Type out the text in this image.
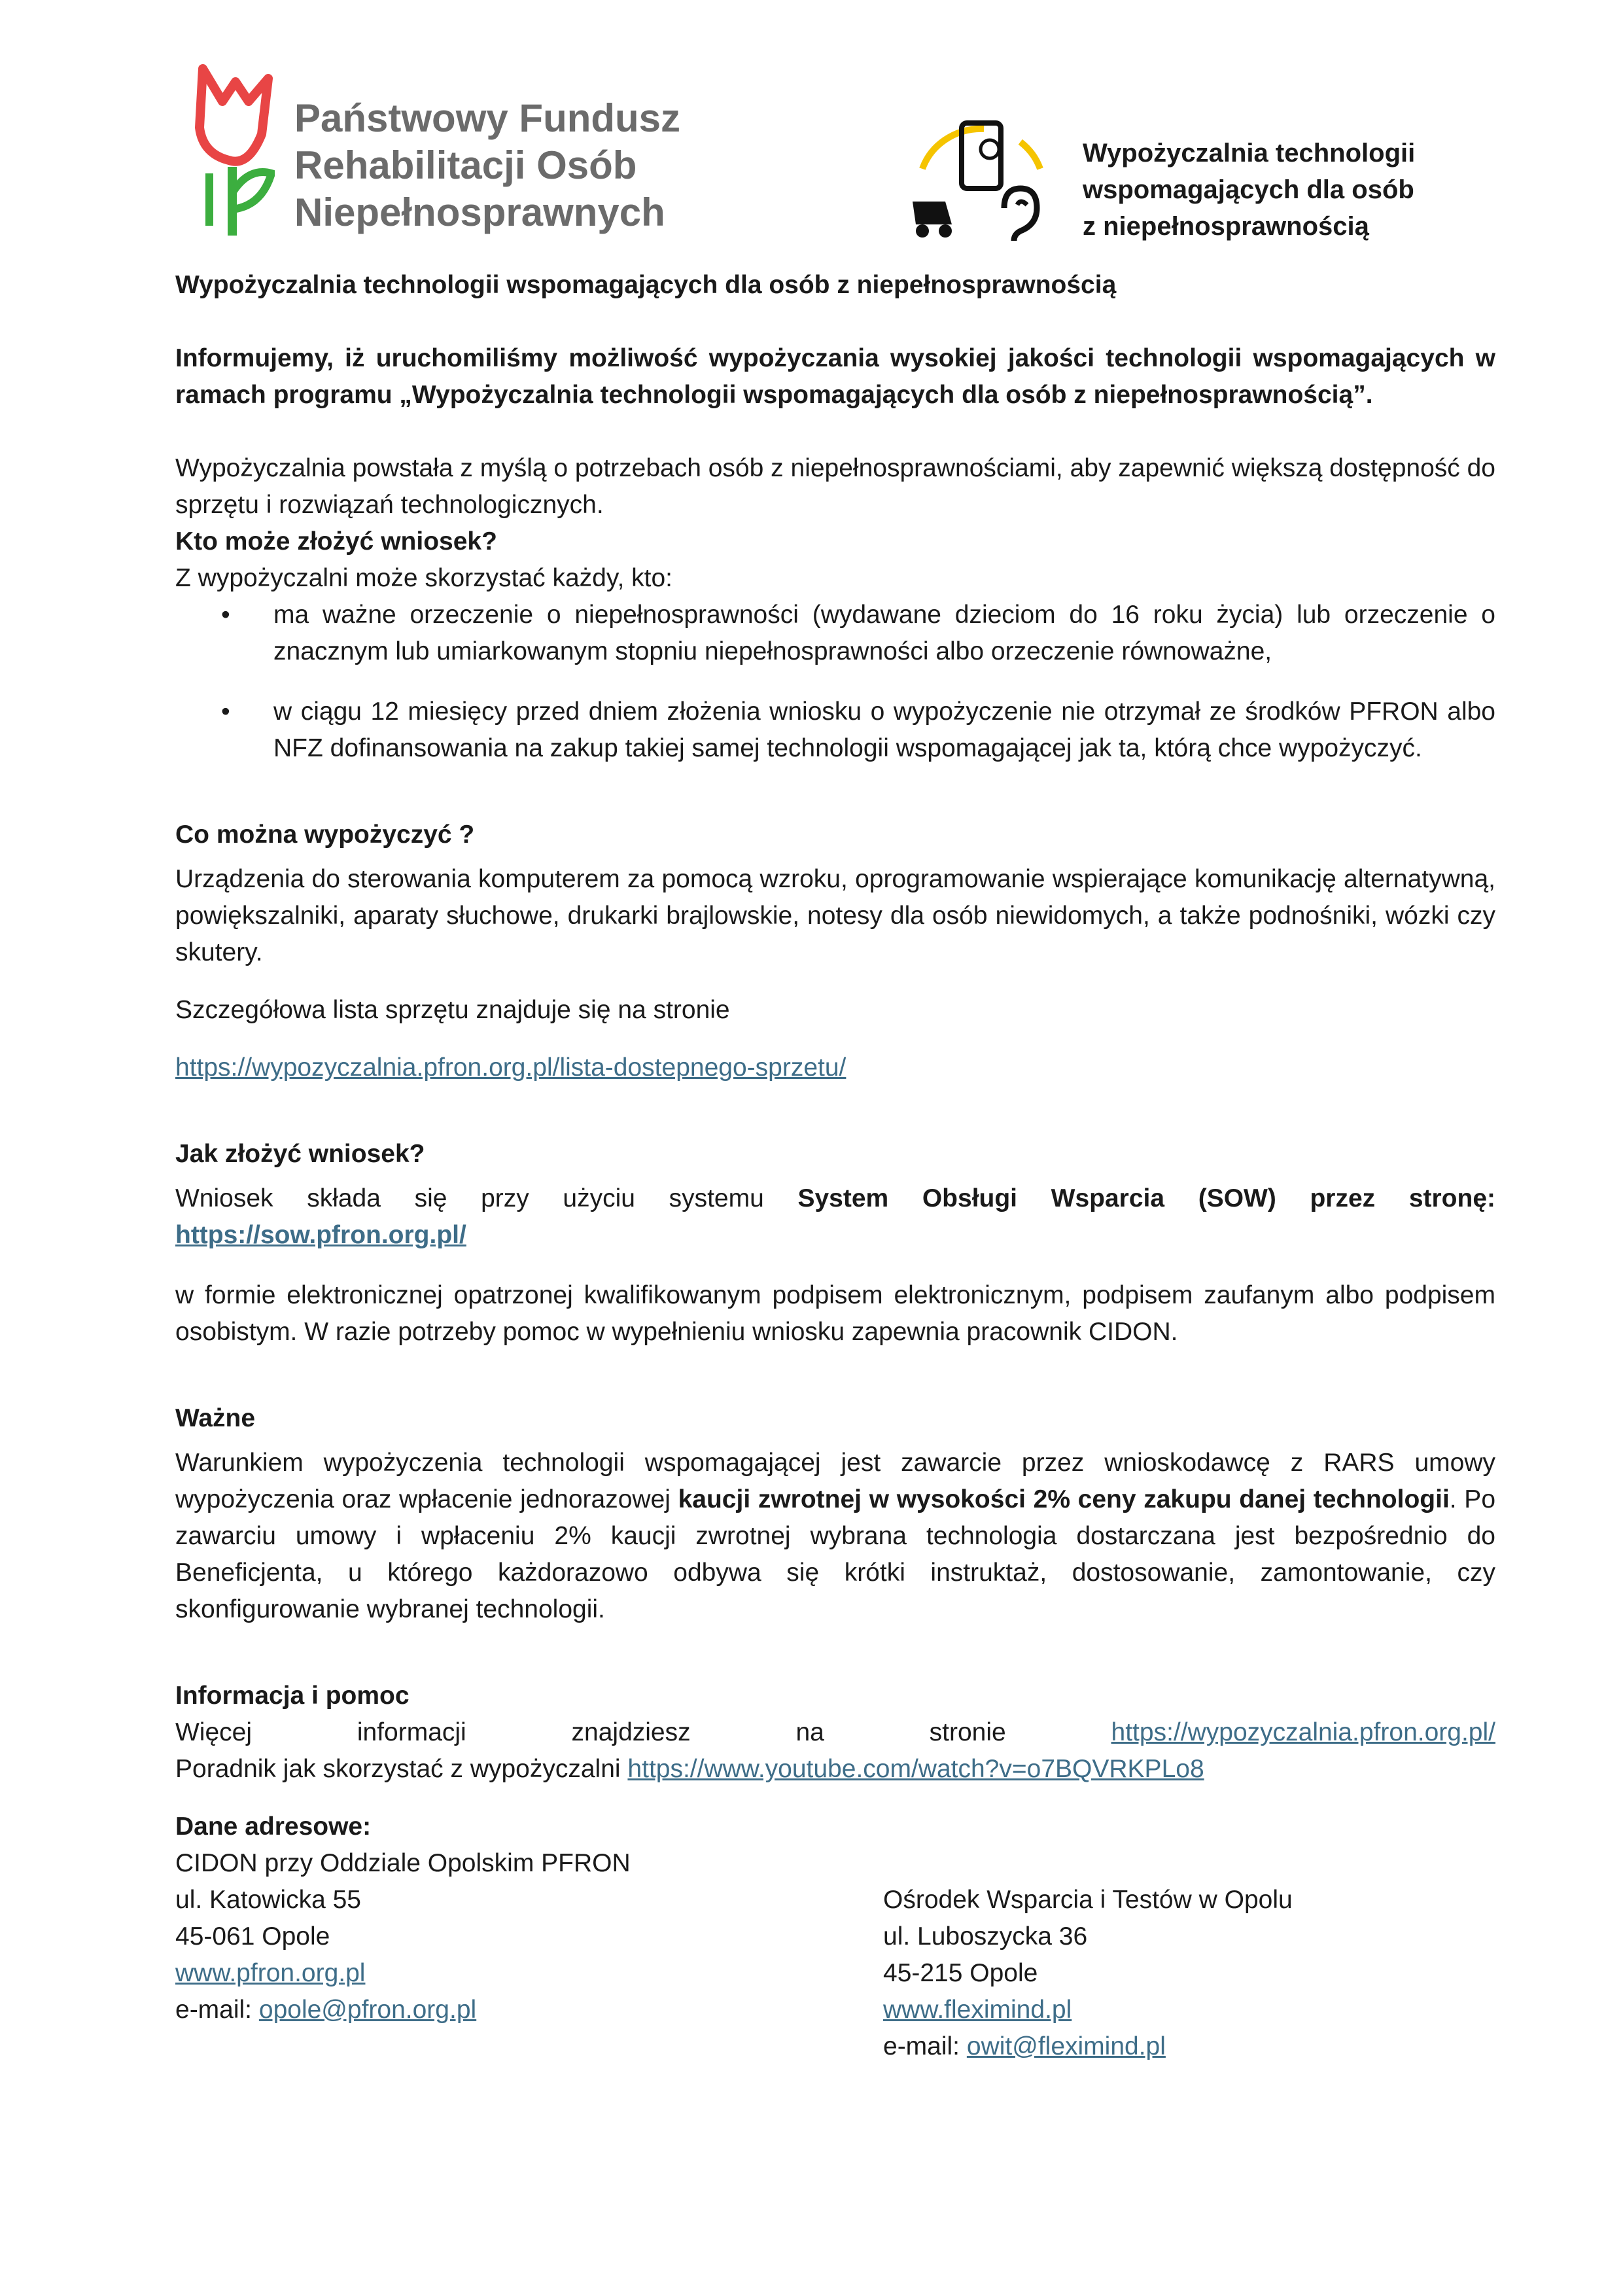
Państwowy Fundusz
Rehabilitacji Osób
Niepełnosprawnych
Wypożyczalnia technologii
wspomagających dla osób
z niepełnosprawnością

Wypożyczalnia technologii wspomagających dla osób z niepełnosprawnością

Informujemy, iż uruchomiliśmy możliwość wypożyczania wysokiej jakości technologii wspomagających w ramach programu „Wypożyczalnia technologii wspomagających dla osób z niepełnosprawnością”.

Wypożyczalnia powstała z myślą o potrzebach osób z niepełnosprawnościami, aby zapewnić większą dostępność do sprzętu i rozwiązań technologicznych.

Kto może złożyć wniosek?

Z wypożyczalni może skorzystać każdy, kto:

• ma ważne orzeczenie o niepełnosprawności (wydawane dzieciom do 16 roku życia) lub orzeczenie o znacznym lub umiarkowanym stopniu niepełnosprawności albo orzeczenie równoważne,
• w ciągu 12 miesięcy przed dniem złożenia wniosku o wypożyczenie nie otrzymał ze środków PFRON albo NFZ dofinansowania na zakup takiej samej technologii wspomagającej jak ta, którą chce wypożyczyć.

Co można wypożyczyć ?

Urządzenia do sterowania komputerem za pomocą wzroku, oprogramowanie wspierające komunikację alternatywną, powiększalniki, aparaty słuchowe, drukarki brajlowskie, notesy dla osób niewidomych, a także podnośniki, wózki czy skutery.

Szczegółowa lista sprzętu znajduje się na stronie

https://wypozyczalnia.pfron.org.pl/lista-dostepnego-sprzetu/

Jak złożyć wniosek?

Wniosek składa się przy użyciu systemu System Obsługi Wsparcia (SOW) przez stronę:

https://sow.pfron.org.pl/

w formie elektronicznej opatrzonej kwalifikowanym podpisem elektronicznym, podpisem zaufanym albo podpisem osobistym. W razie potrzeby pomoc w wypełnieniu wniosku zapewnia pracownik CIDON.

Ważne

Warunkiem wypożyczenia technologii wspomagającej jest zawarcie przez wnioskodawcę z RARS umowy wypożyczenia oraz wpłacenie jednorazowej kaucji zwrotnej w wysokości 2% ceny zakupu danej technologii. Po zawarciu umowy i wpłaceniu 2% kaucji zwrotnej wybrana technologia dostarczana jest bezpośrednio do Beneficjenta, u którego każdorazowo odbywa się krótki instruktaż, dostosowanie, zamontowanie, czy skonfigurowanie wybranej technologii.

Informacja i pomoc

Więcej informacji znajdziesz na stronie	https://wypozyczalnia.pfron.org.pl/

Poradnik jak skorzystać z wypożyczalni https://www.youtube.com/watch?v=o7BQVRKPLo8

Dane adresowe:

CIDON przy Oddziale Opolskim PFRON

ul. Katowicka 55

45-061 Opole

www.pfron.org.pl

e-mail: opole@pfron.org.pl

Ośrodek Wsparcia i Testów w Opolu

ul. Luboszycka 36

45-215 Opole

www.fleximind.pl

e-mail: owit@fleximind.pl
